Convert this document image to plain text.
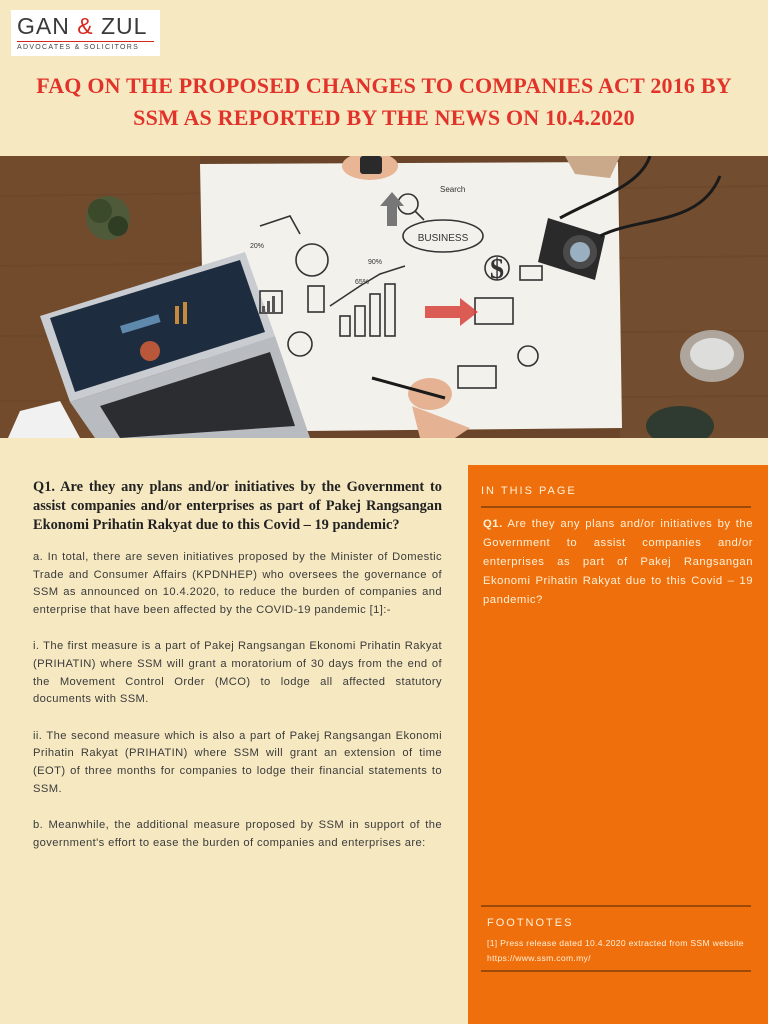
GAN & ZUL
ADVOCATES & SOLICITORS
FAQ ON THE PROPOSED CHANGES TO COMPANIES ACT 2016 BY SSM AS REPORTED BY THE NEWS ON 10.4.2020
BUSINESS
Search
20%
90%
65%	$

Q1. Are they any plans and/or initiatives by the Government to assist companies and/or enterprises as part of Pakej Rangsangan Ekonomi Prihatin Rakyat due to this Covid – 19 pandemic?

a. In total, there are seven initiatives proposed by the Minister of Domestic Trade and Consumer Affairs (KPDNHEP) who oversees the governance of SSM as announced on 10.4.2020, to reduce the burden of companies and enterprise that have been affected by the COVID-19 pandemic [1]:-

i. The first measure is a part of Pakej Rangsangan Ekonomi Prihatin Rakyat (PRIHATIN) where SSM will grant a moratorium of 30 days from the end of the Movement Control Order (MCO) to lodge all affected statutory documents with SSM.

ii. The second measure which is also a part of Pakej Rangsangan Ekonomi Prihatin Rakyat (PRIHATIN) where SSM will grant an extension of time (EOT) of three months for companies to lodge their financial statements to SSM.

b. Meanwhile, the additional measure proposed by SSM in support of the government's effort to ease the burden of companies and enterprises are:

IN THIS PAGE

Q1. Are they any plans and/or initiatives by the Government to assist companies and/or enterprises as part of Pakej Rangsangan Ekonomi Prihatin Rakyat due to this Covid – 19 pandemic?

FOOTNOTES

[1] Press release dated 10.4.2020 extracted from SSM website https://www.ssm.com.my/
